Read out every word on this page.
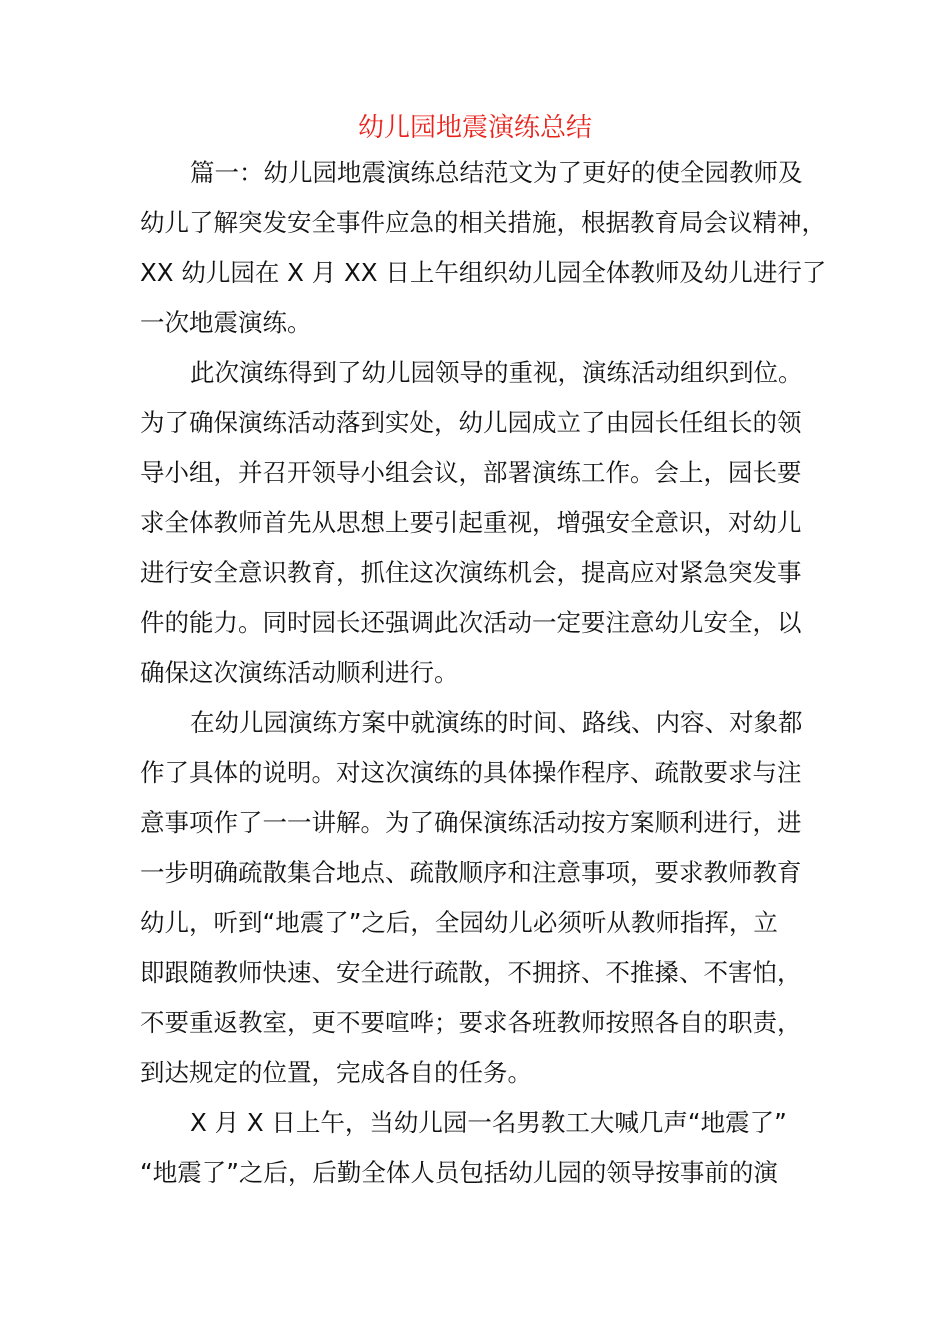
幼儿园地震演练总结
篇一：幼儿园地震演练总结范文为了更好的使全园教师及
幼儿了解突发安全事件应急的相关措施，根据教育局会议精神，
XX 幼儿园在 X 月 XX 日上午组织幼儿园全体教师及幼儿进行了
一次地震演练。
此次演练得到了幼儿园领导的重视，演练活动组织到位。
为了确保演练活动落到实处，幼儿园成立了由园长任组长的领
导小组，并召开领导小组会议，部署演练工作。会上，园长要
求全体教师首先从思想上要引起重视，增强安全意识，对幼儿
进行安全意识教育，抓住这次演练机会，提高应对紧急突发事
件的能力。同时园长还强调此次活动一定要注意幼儿安全，以
确保这次演练活动顺利进行。
在幼儿园演练方案中就演练的时间、路线、内容、对象都
作了具体的说明。对这次演练的具体操作程序、疏散要求与注
意事项作了一一讲解。为了确保演练活动按方案顺利进行，进
一步明确疏散集合地点、疏散顺序和注意事项，要求教师教育
幼儿，听到“地震了”之后，全园幼儿必须听从教师指挥，立
即跟随教师快速、安全进行疏散，不拥挤、不推搡、不害怕，
不要重返教室，更不要喧哗；要求各班教师按照各自的职责，
到达规定的位置，完成各自的任务。
X 月 X 日上午，当幼儿园一名男教工大喊几声“地震了”
“地震了”之后，后勤全体人员包括幼儿园的领导按事前的演
